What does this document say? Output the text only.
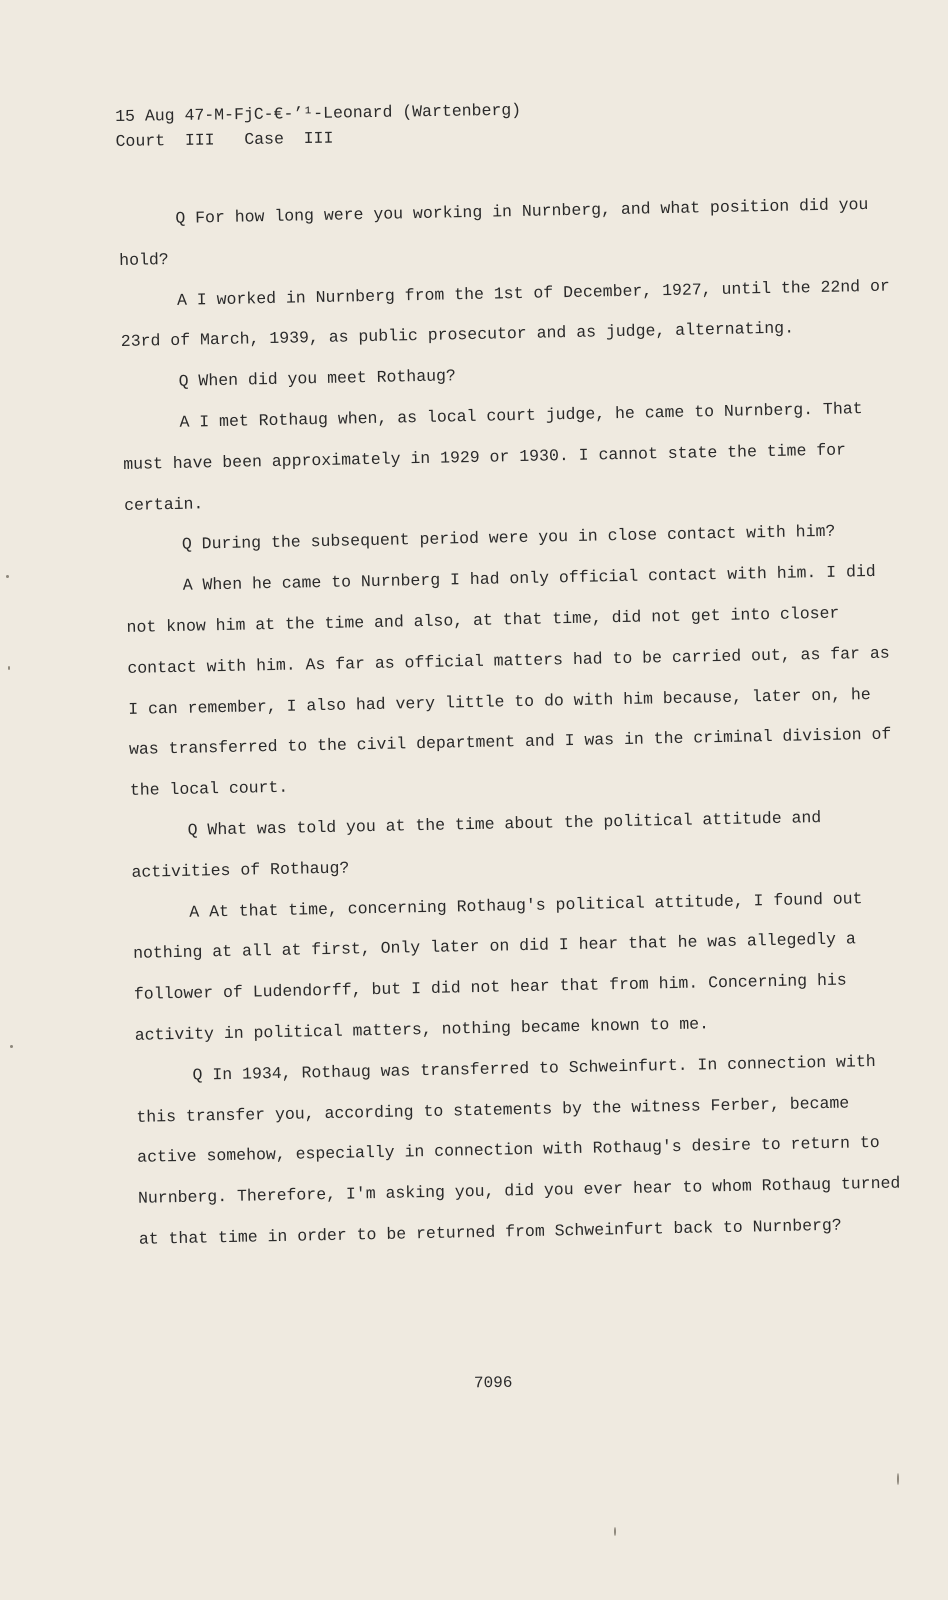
15 Aug 47-M-FjC-€-’¹-Leonard (Wartenberg)
Court  III   Case  III

Q For how long were you working in Nurnberg, and what position did you hold?

A I worked in Nurnberg from the 1st of December, 1927, until the 22nd or 23rd of March, 1939, as public prosecutor and as judge, alternating.

Q When did you meet Rothaug?

A I met Rothaug when, as local court judge, he came to Nurnberg. That must have been approximately in 1929 or 1930. I cannot state the time for certain.

Q During the subsequent period were you in close contact with him?

A When he came to Nurnberg I had only official contact with him. I did not know him at the time and also, at that time, did not get into closer contact with him. As far as official matters had to be carried out, as far as I can remember, I also had very little to do with him because, later on, he was transferred to the civil department and I was in the criminal division of the local court.

Q What was told you at the time about the political attitude and activities of Rothaug?

A At that time, concerning Rothaug's political attitude, I found out nothing at all at first, Only later on did I hear that he was allegedly a follower of Ludendorff, but I did not hear that from him. Concerning his activity in political matters, nothing became known to me.

Q In 1934, Rothaug was transferred to Schweinfurt. In connection with this transfer you, according to statements by the witness Ferber, became active somehow, especially in connection with Rothaug's desire to return to Nurnberg. Therefore, I'm asking you, did you ever hear to whom Rothaug turned at that time in order to be returned from Schweinfurt back to Nurnberg?

7096
